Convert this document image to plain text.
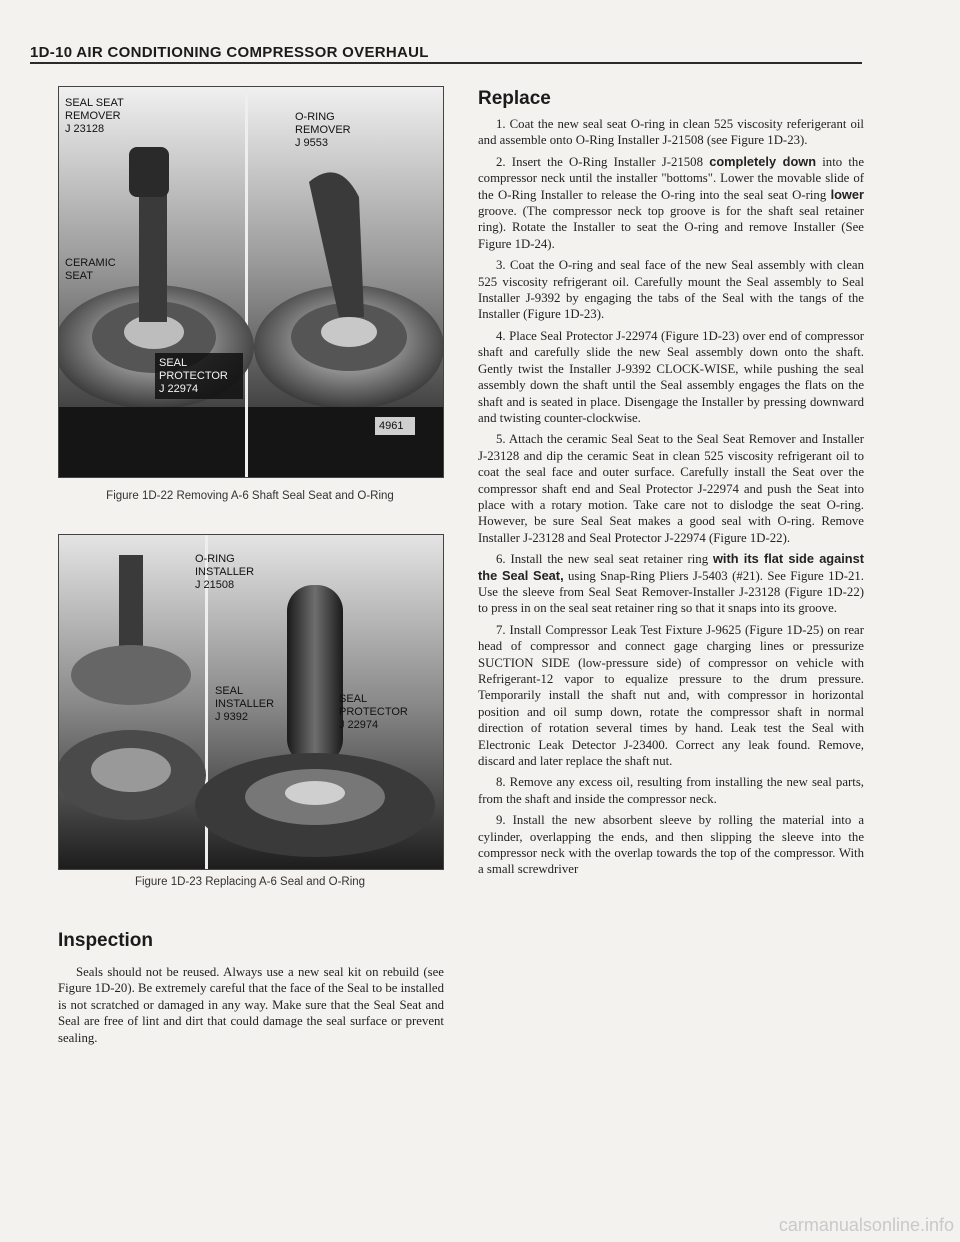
1D-10 AIR CONDITIONING COMPRESSOR OVERHAUL
SEAL SEAT
REMOVER
J 23128
O-RING
REMOVER
J 9553
CERAMIC
SEAT
SEAL
PROTECTOR
J 22974
4961
Figure 1D-22 Removing A-6 Shaft Seal Seat and O-Ring
O-RING
INSTALLER
J 21508
SEAL
INSTALLER
J 9392
SEAL
PROTECTOR
J 22974
Figure 1D-23 Replacing A-6 Seal and O-Ring
Inspection

Seals should not be reused. Always use a new seal kit on rebuild (see Figure 1D-20). Be extremely careful that the face of the Seal to be installed is not scratched or damaged in any way. Make sure that the Seal Seat and Seal are free of lint and dirt that could damage the seal surface or prevent sealing.

Replace

1. Coat the new seal seat O-ring in clean 525 viscosity referigerant oil and assemble onto O-Ring Installer J-21508 (see Figure 1D-23).

2. Insert the O-Ring Installer J-21508 completely down into the compressor neck until the installer "bottoms". Lower the movable slide of the O-Ring Installer to release the O-ring into the seal seat O-ring lower groove. (The compressor neck top groove is for the shaft seal retainer ring). Rotate the Installer to seat the O-ring and remove Installer (See Figure 1D-24).

3. Coat the O-ring and seal face of the new Seal assembly with clean 525 viscosity refrigerant oil. Carefully mount the Seal assembly to Seal Installer J-9392 by engaging the tabs of the Seal with the tangs of the Installer (Figure 1D-23).

4. Place Seal Protector J-22974 (Figure 1D-23) over end of compressor shaft and carefully slide the new Seal assembly down onto the shaft. Gently twist the Installer J-9392 CLOCK-WISE, while pushing the seal assembly down the shaft until the Seal assembly engages the flats on the shaft and is seated in place. Disengage the Installer by pressing downward and twisting counter-clockwise.

5. Attach the ceramic Seal Seat to the Seal Seat Remover and Installer J-23128 and dip the ceramic Seat in clean 525 viscosity refrigerant oil to coat the seal face and outer surface. Carefully install the Seat over the compressor shaft end and Seal Protector J-22974 and push the Seat into place with a rotary motion. Take care not to dislodge the seat O-ring. However, be sure Seal Seat makes a good seal with O-ring. Remove Installer J-23128 and Seal Protector J-22974 (Figure 1D-22).

6. Install the new seal seat retainer ring with its flat side against the Seal Seat, using Snap-Ring Pliers J-5403 (#21). See Figure 1D-21. Use the sleeve from Seal Seat Remover-Installer J-23128 (Figure 1D-22) to press in on the seal seat retainer ring so that it snaps into its groove.

7. Install Compressor Leak Test Fixture J-9625 (Figure 1D-25) on rear head of compressor and connect gage charging lines or pressurize SUCTION SIDE (low-pressure side) of compressor on vehicle with Refrigerant-12 vapor to equalize pressure to the drum pressure. Temporarily install the shaft nut and, with compressor in horizontal position and oil sump down, rotate the compressor shaft in normal direction of rotation several times by hand. Leak test the Seal with Electronic Leak Detector J-23400. Correct any leak found. Remove, discard and later replace the shaft nut.

8. Remove any excess oil, resulting from installing the new seal parts, from the shaft and inside the compressor neck.

9. Install the new absorbent sleeve by rolling the material into a cylinder, overlapping the ends, and then slipping the sleeve into the compressor neck with the overlap towards the top of the compressor. With a small screwdriver

carmanualsonline.info
